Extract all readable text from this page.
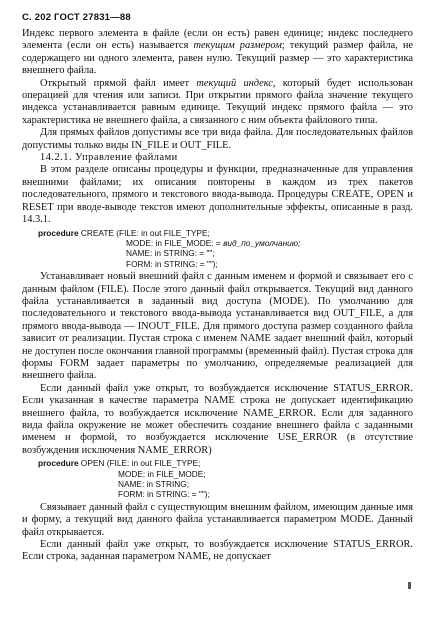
С. 202 ГОСТ 27831—88

Индекс первого элемента в файле (если он есть) равен единице; индекс последнего элемента (если он есть) называется текущим размером; текущий размер файла, не содержащего ни одного элемента, равен нулю. Текущий размер — это характеристика внешнего файла.

Открытый прямой файл имеет текущий индекс, который будет использован операцией для чтения или записи. При открытии прямого файла значение текущего индекса устанавливается равным единице. Текущий индекс прямого файла — это характеристика не внешнего файла, а связанного с ним объекта файлового типа.

Для прямых файлов допустимы все три вида файла. Для последовательных файлов допустимы только виды IN_FILE и OUT_FILE.

14.2.1. Управление файлами

В этом разделе описаны процедуры и функции, предназначенные для управления внешними файлами; их описания повторены в каждом из трех пакетов последовательного, прямого и текстового ввода-вывода. Процедуры CREATE, OPEN и RESET при вводе-выводе текстов имеют дополнительные эффекты, описанные в разд. 14.3.1.

procedure CREATE (FILE: in out FILE_TYPE;
MODE: in FILE_MODE: = вид_по_умолчанию;
NAME: in STRING: = "";
FORM: in STRING: = "");

Устанавливает новый внешний файл с данным именем и формой и связывает его с данным файлом (FILE). После этого данный файл открывается. Текущий вид данного файла устанавливается в заданный вид доступа (MODE). По умолчанию для последовательного и текстового ввода-вывода устанавливается вид OUT_FILE, а для прямого ввода-вывода — INOUT_FILE. Для прямого доступа размер созданного файла зависит от реализации. Пустая строка с именем NAME задает внешний файл, который не доступен после окончания главной программы (временный файл). Пустая строка для формы FORM задает параметры по умолчанию, определяемые реализацией для внешнего файла.

Если данный файл уже открыт, то возбуждается исключение STATUS_ERROR. Если указанная в качестве параметра NAME строка не допускает идентификацию внешнего файла, то возбуждается исключение NAME_ERROR. Если для заданного вида файла окружение не может обеспечить создание внешнего файла с заданными именем и формой, то возбуждается исключение USE_ERROR (в отсутствие возбуждения исключения NAME_ERROR)

procedure OPEN (FILE: in out FILE_TYPE;
MODE: in FILE_MODE;
NAME: in STRING;
FORM: in STRING: = "");

Связывает данный файл с существующим внешним файлом, имеющим данные имя и форму, а текущий вид данного файла устанавливается параметром MODE. Данный файл открывается.

Если данный файл уже открыт, то возбуждается исключение STATUS_ERROR. Если строка, заданная параметром NAME, не допускает
